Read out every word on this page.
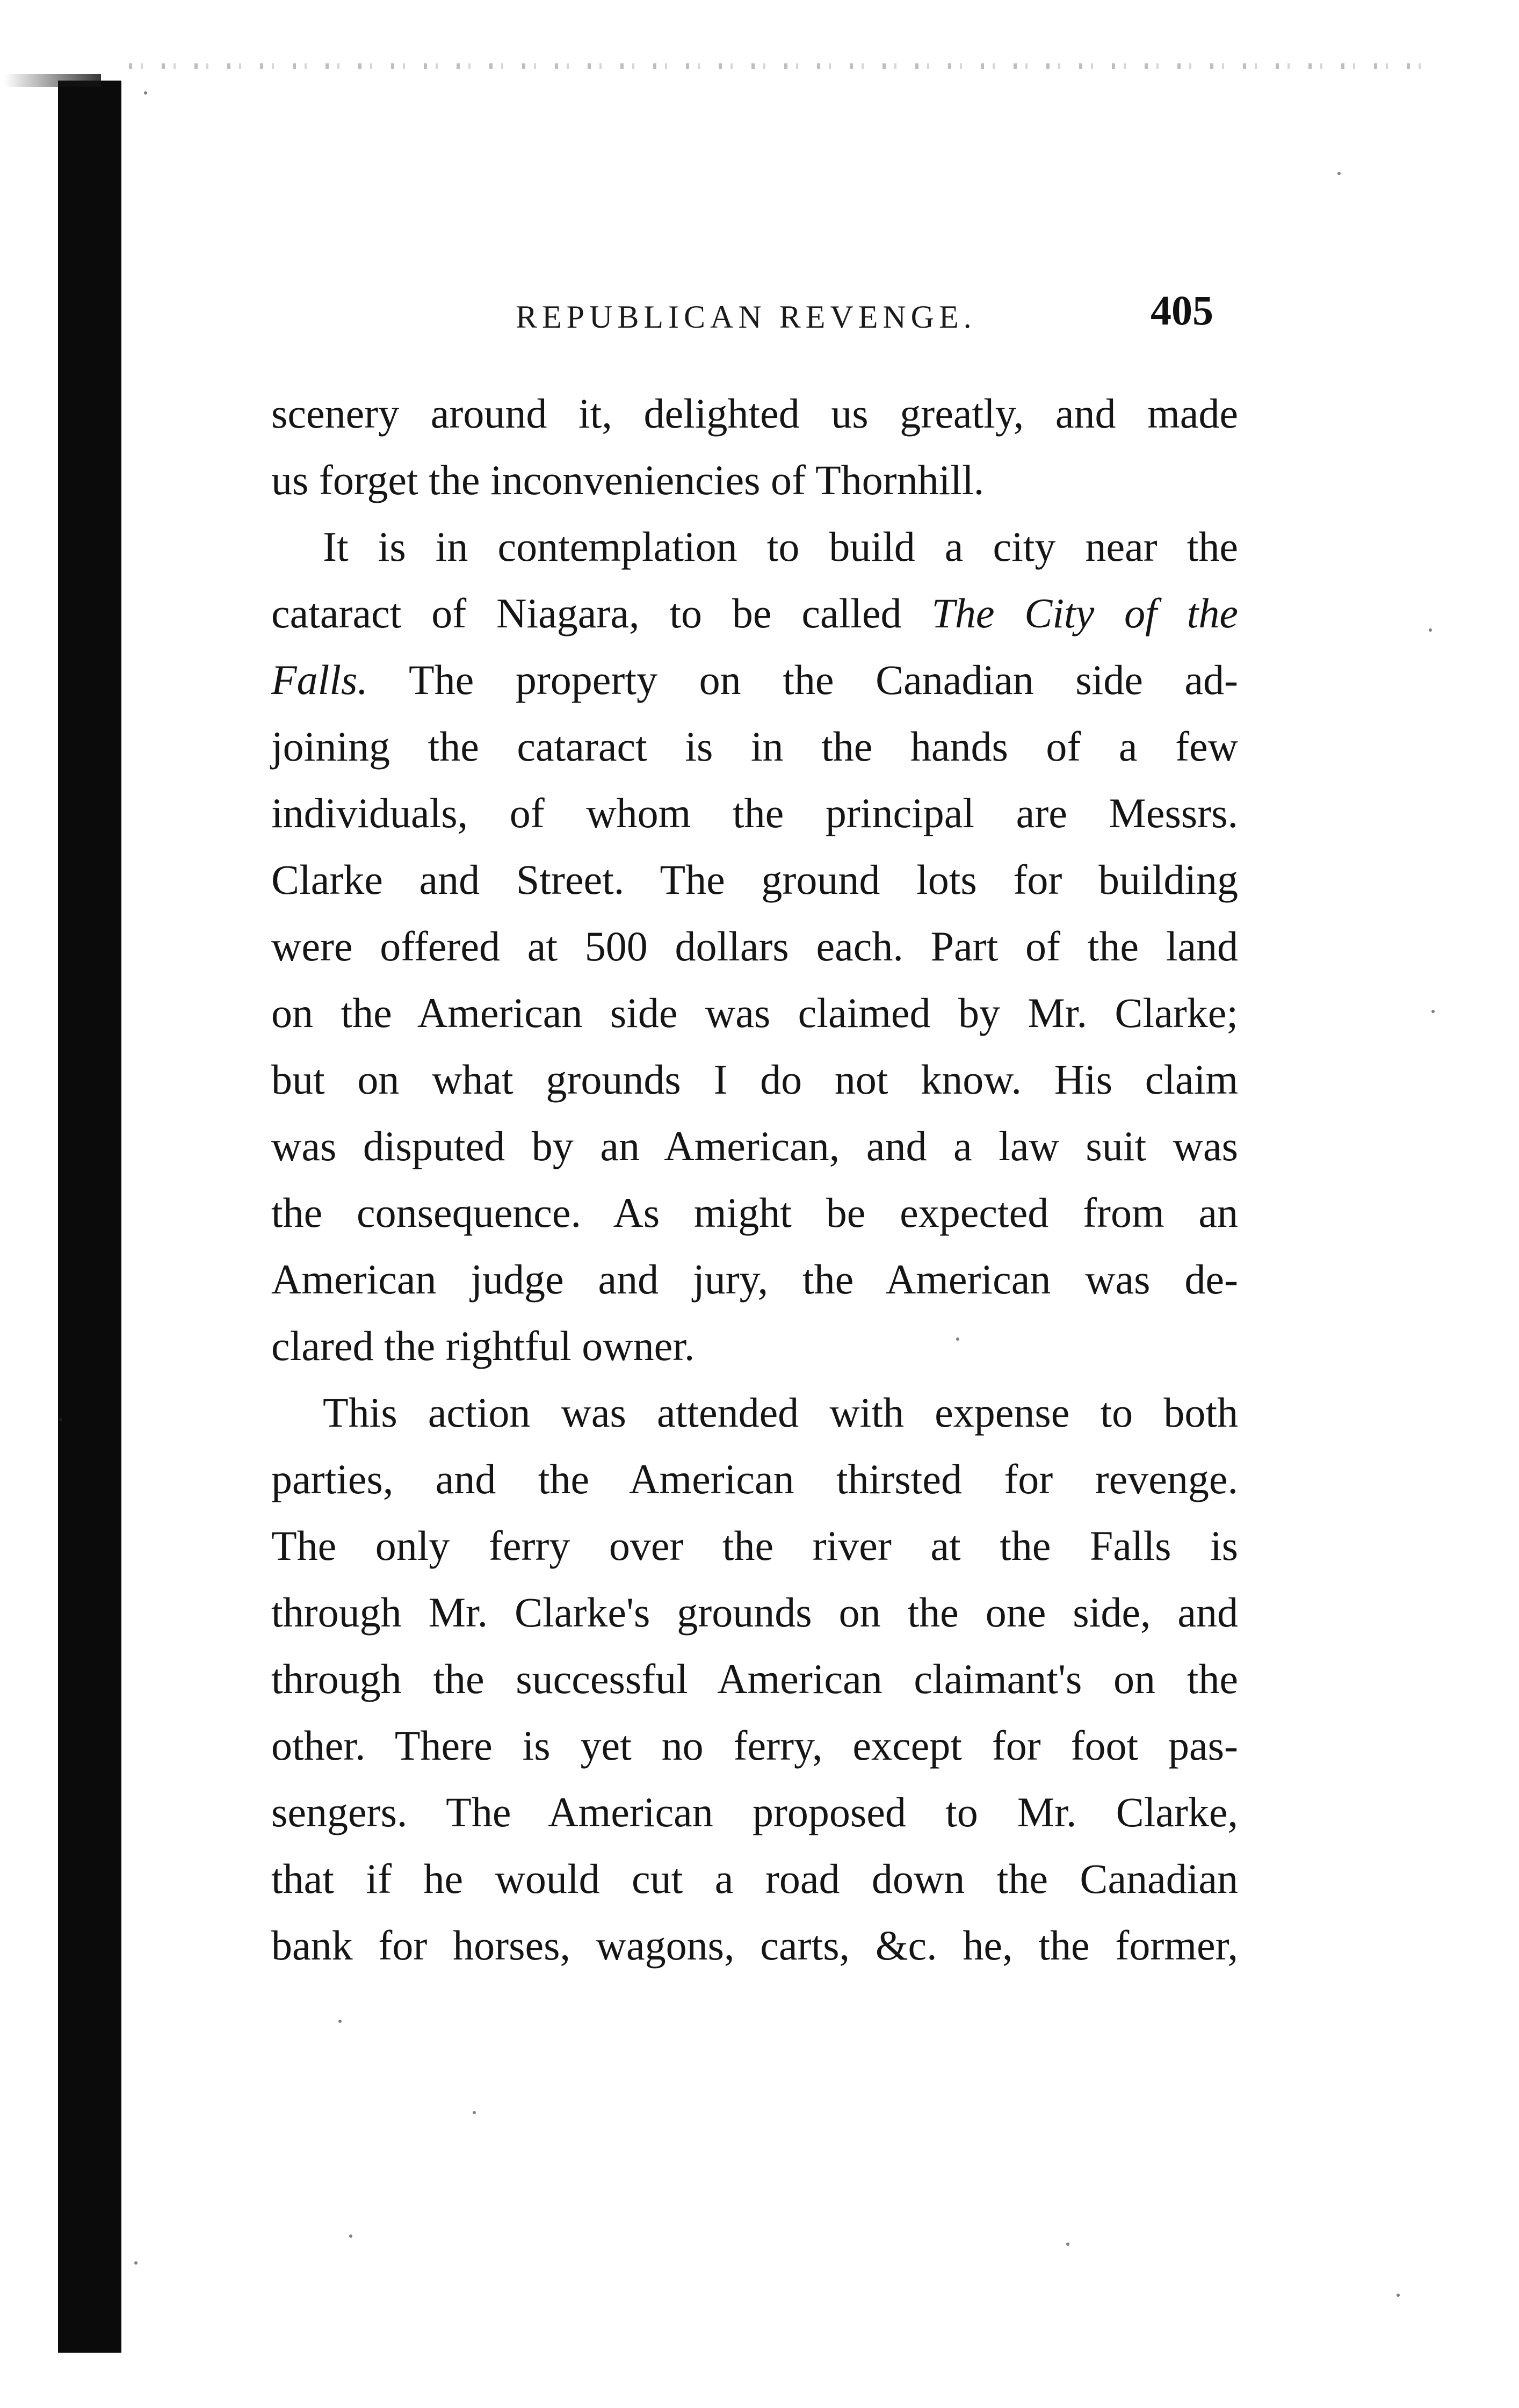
REPUBLICAN REVENGE.	405
scenery around it, delighted us greatly, and made
us forget the inconveniencies of Thornhill.
It is in contemplation to build a city near the
cataract of Niagara, to be called The City of the
Falls. The property on the Canadian side ad-
joining the cataract is in the hands of a few
individuals, of whom the principal are Messrs.
Clarke and Street. The ground lots for building
were offered at 500 dollars each. Part of the land
on the American side was claimed by Mr. Clarke;
but on what grounds I do not know. His claim
was disputed by an American, and a law suit was
the consequence. As might be expected from an
American judge and jury, the American was de-
clared the rightful owner.
This action was attended with expense to both
parties, and the American thirsted for revenge.
The only ferry over the river at the Falls is
through Mr. Clarke's grounds on the one side, and
through the successful American claimant's on the
other. There is yet no ferry, except for foot pas-
sengers. The American proposed to Mr. Clarke,
that if he would cut a road down the Canadian
bank for horses, wagons, carts, &c. he, the former,
